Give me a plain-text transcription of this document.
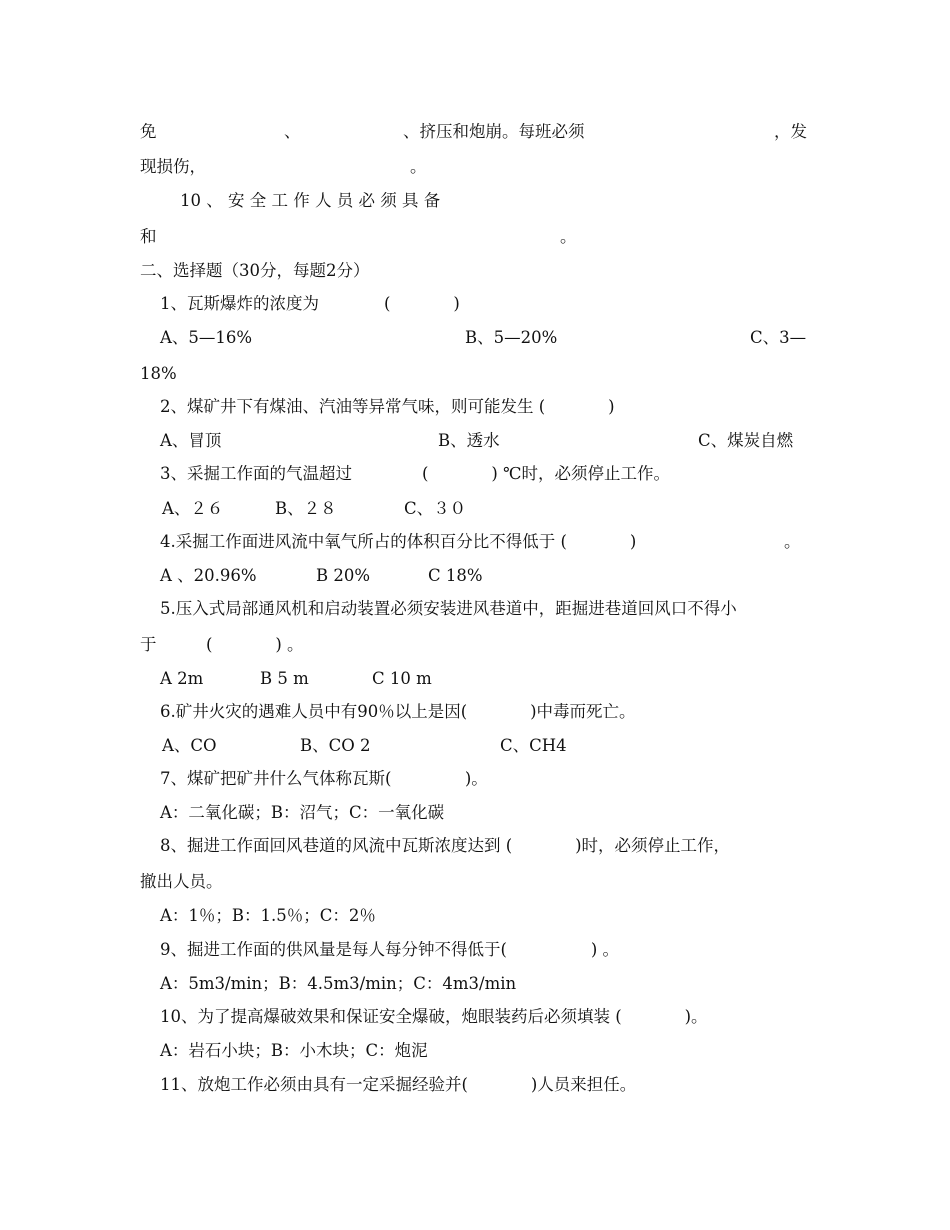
免	、	、挤压和炮崩。每班必须	，发
现损伤，	。
10 、 安 全 工 作 人 员 必 须 具 备
和	。
二、选择题（30分，每题2分）
1、瓦斯爆炸的浓度为	(            )
A、5—16%	B、5—20%	C、3—
18%
2、煤矿井下有煤油、汽油等异常气味，则可能发生 (            )
A、冒顶	B、透水	C、煤炭自燃
3、采掘工作面的气温超过	(            ) ℃时，必须停止工作。
A、２６	B、２８	C、３０
4.采掘工作面进风流中氧气所占的体积百分比不得低于 (            )	。
A 、20.96%	B 20%	C 18%
5.压入式局部通风机和启动装置必须安装进风巷道中，距掘进巷道回风口不得小
于	(            ) 。
A 2m	B 5 m	C 10 m
6.矿井火灾的遇难人员中有90％以上是因(            )中毒而死亡。
A、CO	B、CO 2	C、CH4
7、煤矿把矿井什么气体称瓦斯(              )。
A：二氧化碳；B：沼气；C：一氧化碳
8、掘进工作面回风巷道的风流中瓦斯浓度达到 (            )时，必须停止工作，
撤出人员。
A：1％；B：1.5％；C：2％
9、掘进工作面的供风量是每人每分钟不得低于(                ) 。
A：5m3/min；B：4.5m3/min；C：4m3/min
10、为了提高爆破效果和保证安全爆破，炮眼装药后必须填装 (            )。
A：岩石小块；B：小木块；C：炮泥
11、放炮工作必须由具有一定采掘经验并(            )人员来担任。
